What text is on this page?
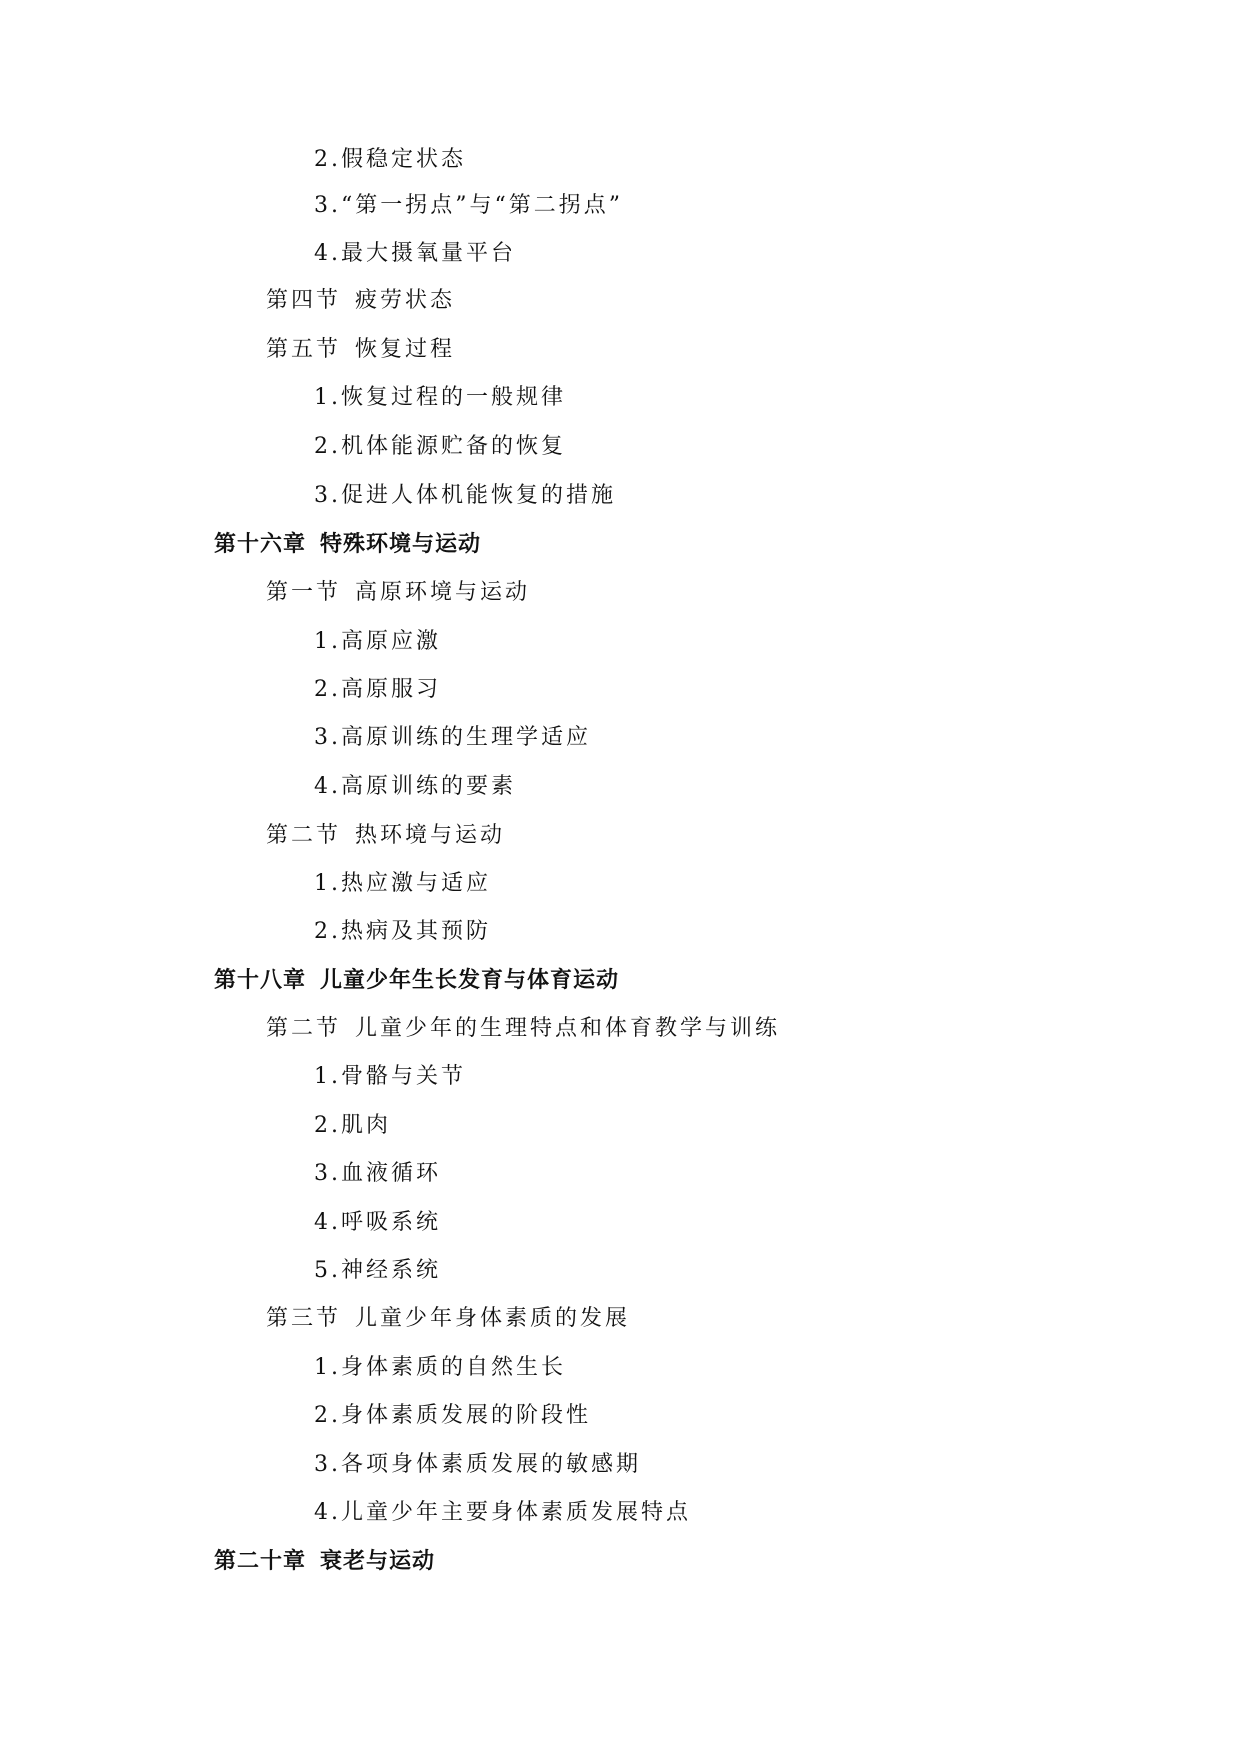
2.假稳定状态
3.“第一拐点”与“第二拐点”
4.最大摄氧量平台
第四节 疲劳状态
第五节 恢复过程
1.恢复过程的一般规律
2.机体能源贮备的恢复
3.促进人体机能恢复的措施
第十六章 特殊环境与运动
第一节 高原环境与运动
1.高原应激
2.高原服习
3.高原训练的生理学适应
4.高原训练的要素
第二节 热环境与运动
1.热应激与适应
2.热病及其预防
第十八章 儿童少年生长发育与体育运动
第二节 儿童少年的生理特点和体育教学与训练
1.骨骼与关节
2.肌肉
3.血液循环
4.呼吸系统
5.神经系统
第三节 儿童少年身体素质的发展
1.身体素质的自然生长
2.身体素质发展的阶段性
3.各项身体素质发展的敏感期
4.儿童少年主要身体素质发展特点
第二十章 衰老与运动
